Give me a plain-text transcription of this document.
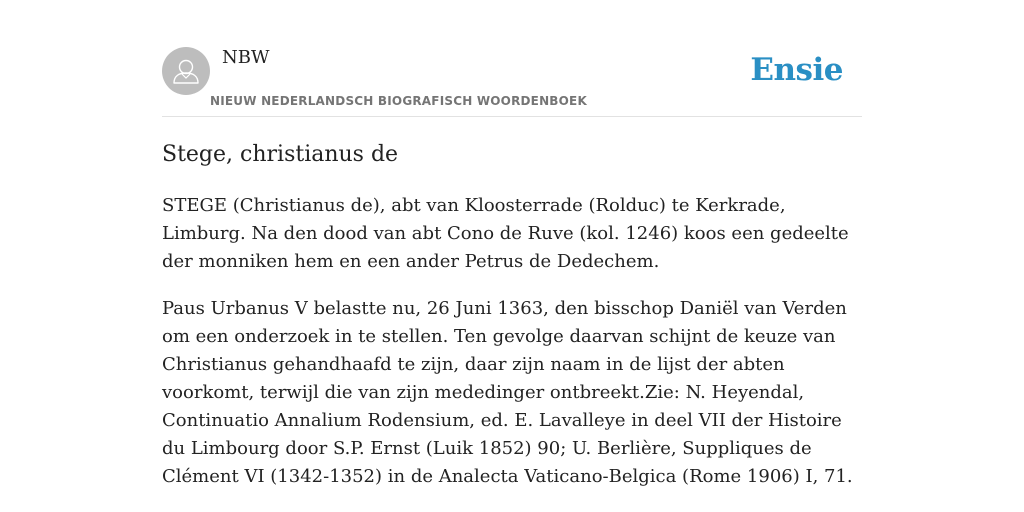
NBW
NIEUW NEDERLANDSCH BIOGRAFISCH WOORDENBOEK
Ensie
Stege, christianus de

STEGE (Christianus de), abt van Kloosterrade (Rolduc) te Kerkrade, Limburg. Na den dood van abt Cono de Ruve (kol. 1246) koos een gedeelte der monniken hem en een ander Petrus de Dedechem.

Paus Urbanus V belastte nu, 26 Juni 1363, den bisschop Daniël van Verden om een onderzoek in te stellen. Ten gevolge daarvan schijnt de keuze van Christianus gehandhaafd te zijn, daar zijn naam in de lijst der abten voorkomt, terwijl die van zijn mededinger ontbreekt.Zie: N. Heyendal, Continuatio Annalium Rodensium, ed. E. Lavalleye in deel VII der Histoire du Limbourg door S.P. Ernst (Luik 1852) 90; U. Berlière, Suppliques de Clément VI (1342-1352) in de Analecta Vaticano-Belgica (Rome 1906) I, 71.
